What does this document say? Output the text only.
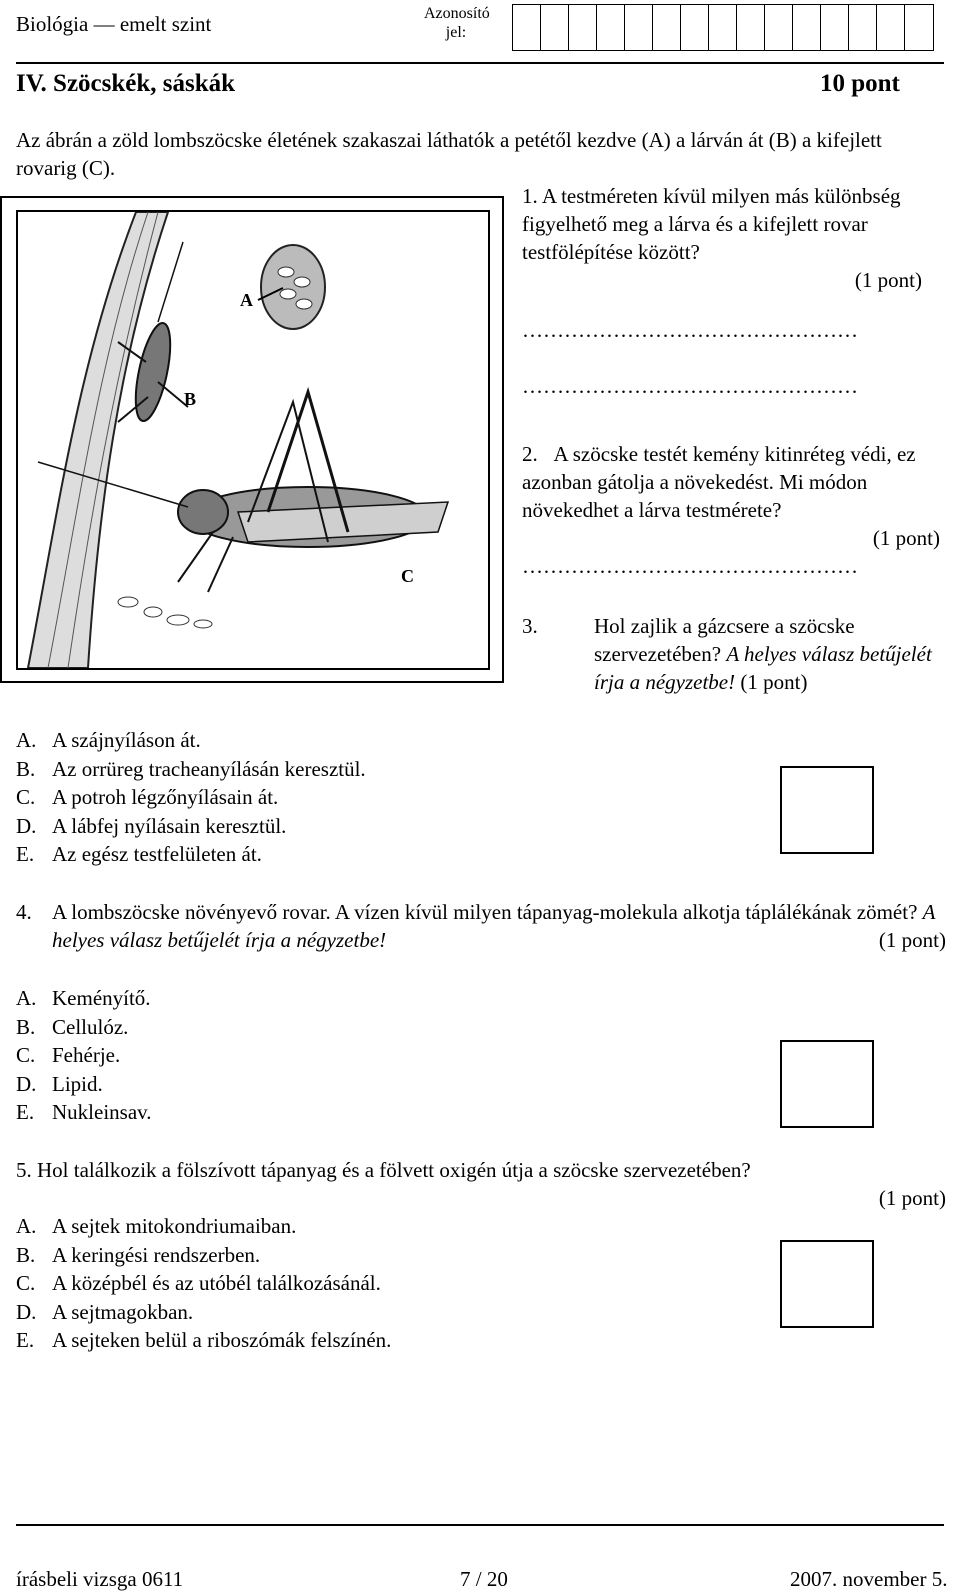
Biológia — emelt szint	Azonosító
jel:
IV. Szöcskék, sáskák	10 pont
Az ábrán a zöld lombszöcske életének szakaszai láthatók a petétől kezdve (A) a lárván át (B) a kifejlett rovarig (C).
A
B
C
1. A testméreten kívül milyen más különbség figyelhető meg a lárva és a kifejlett rovar testfölépítése között?
(1 pont)
…………………………………………
…………………………………………
2. A szöcske testét kemény kitinréteg védi, ez azonban gátolja a növekedést. Mi módon növekedhet a lárva testmérete?
(1 pont)
…………………………………………
3.	Hol zajlik a gázcsere a szöcske szervezetében? A helyes válasz betűjelét írja a négyzetbe! (1 pont)
A. A szájnyíláson át.
B. Az orrüreg tracheanyílásán keresztül.
C. A potroh légzőnyílásain át.
D. A lábfej nyílásain keresztül.
E. Az egész testfelületen át.
4. A lombszöcske növényevő rovar. A vízen kívül milyen tápanyag-molekula alkotja táplálékának zömét? A helyes válasz betűjelét írja a négyzetbe!	(1 pont)
A. Keményítő.
B. Cellulóz.
C. Fehérje.
D. Lipid.
E. Nukleinsav.
5. Hol találkozik a fölszívott tápanyag és a fölvett oxigén útja a szöcske szervezetében?
(1 pont)
A. A sejtek mitokondriumaiban.
B. A keringési rendszerben.
C. A középbél és az utóbél találkozásánál.
D. A sejtmagokban.
E. A sejteken belül a riboszómák felszínén.
írásbeli vizsga 0611	7 / 20	2007. november 5.
